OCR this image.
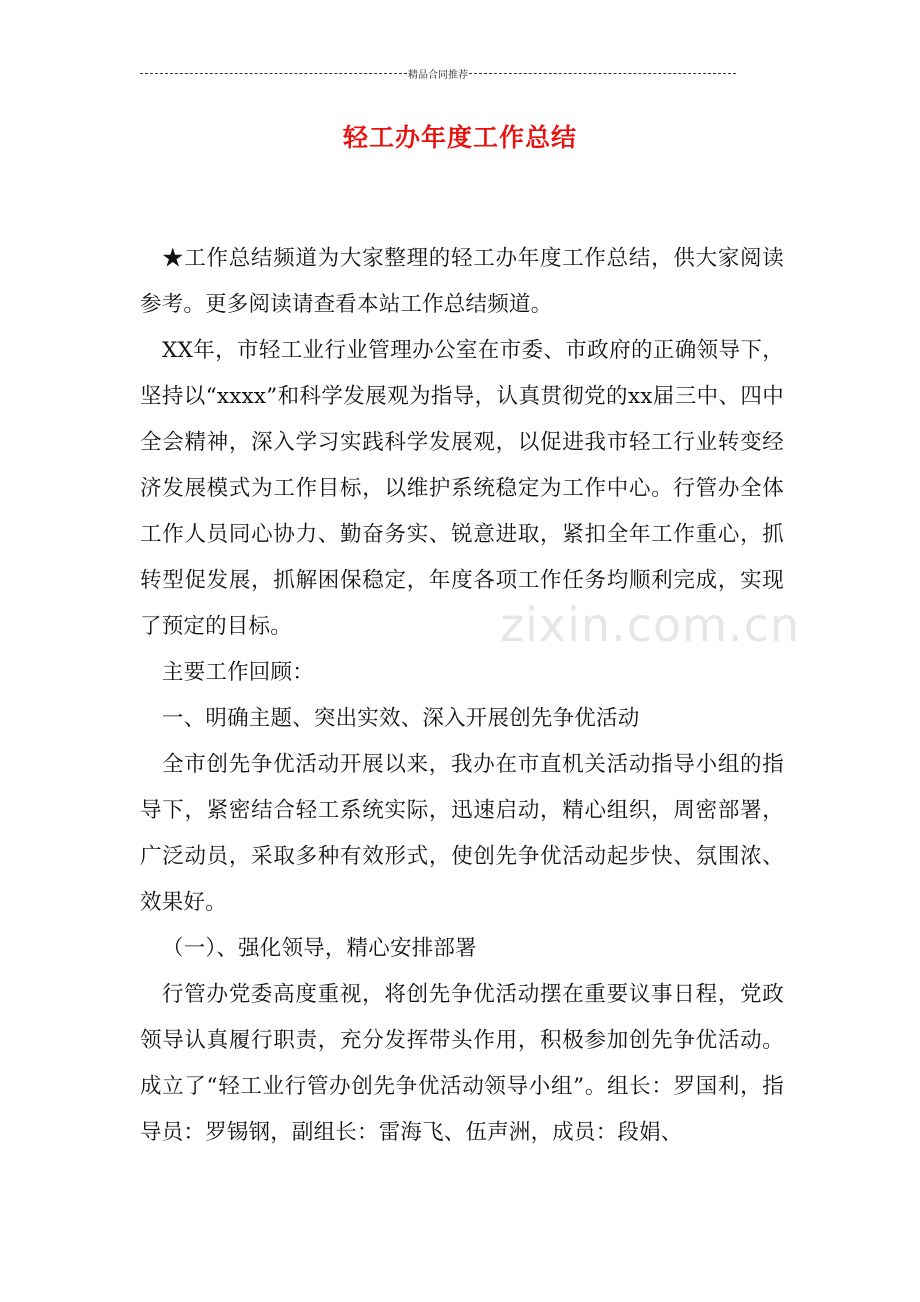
精品合同推荐
轻工办年度工作总结

★工作总结频道为大家整理的轻工办年度工作总结，供大家阅读参考。更多阅读请查看本站工作总结频道。

XX年，市轻工业行业管理办公室在市委、市政府的正确领导下，坚持以“xxxx”和科学发展观为指导，认真贯彻党的xx届三中、四中全会精神，深入学习实践科学发展观，以促进我市轻工行业转变经济发展模式为工作目标，以维护系统稳定为工作中心。行管办全体工作人员同心协力、勤奋务实、锐意进取，紧扣全年工作重心，抓转型促发展，抓解困保稳定，年度各项工作任务均顺利完成，实现了预定的目标。

主要工作回顾：

一、明确主题、突出实效、深入开展创先争优活动

全市创先争优活动开展以来，我办在市直机关活动指导小组的指导下，紧密结合轻工系统实际，迅速启动，精心组织，周密部署，广泛动员，采取多种有效形式，使创先争优活动起步快、氛围浓、效果好。

（一）、强化领导，精心安排部署

行管办党委高度重视，将创先争优活动摆在重要议事日程，党政领导认真履行职责，充分发挥带头作用，积极参加创先争优活动。成立了“轻工业行管办创先争优活动领导小组”。组长：罗国利，指导员：罗锡钢，副组长：雷海飞、伍声洲，成员：段娟、

zixin.com.cn
